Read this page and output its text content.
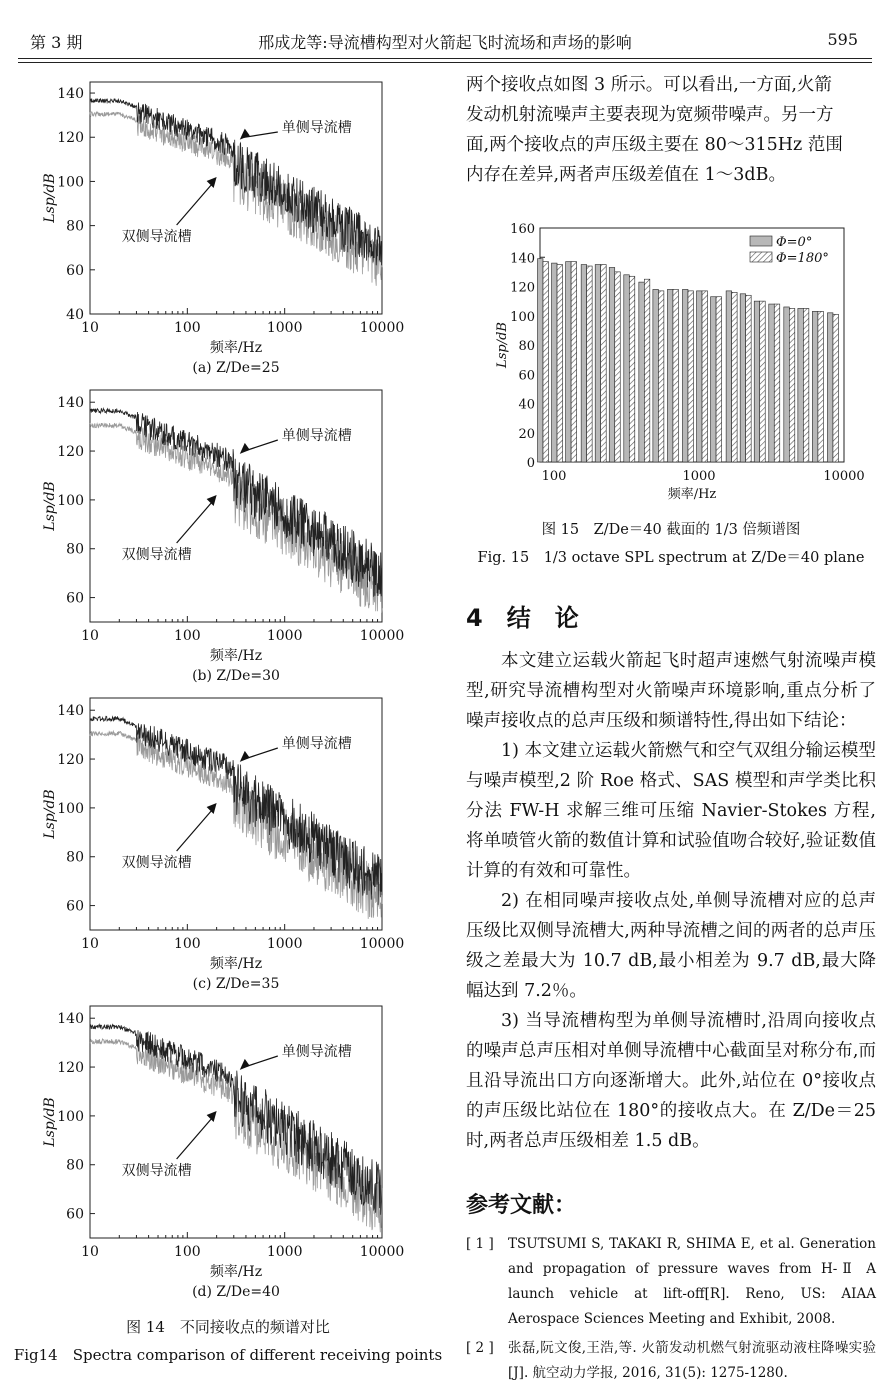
第 3 期	邢成龙等:导流槽构型对火箭起飞时流场和声场的影响	595
40
60
80
100
120
140
10	100	1000	10000
单侧导流槽
双侧导流槽
Lsp/dB
频率/Hz
(a) Z/De=25
60
80
100
120
140
10	100	1000	10000
单侧导流槽
双侧导流槽
Lsp/dB
频率/Hz
(b) Z/De=30
60
80
100
120
140
10	100	1000	10000
单侧导流槽
双侧导流槽
Lsp/dB
频率/Hz
(c) Z/De=35
60
80
100
120
140
10	100	1000	10000
单侧导流槽
双侧导流槽
Lsp/dB
频率/Hz
(d) Z/De=40
图 14　不同接收点的频谱对比
Fig14　Spectra comparison of different receiving points

两个接收点如图 3 所示。可以看出,一方面,火箭

发动机射流噪声主要表现为宽频带噪声。另一方

面,两个接收点的声压级主要在 80～315Hz 范围

内存在差异,两者声压级差值在 1～3dB。

0
20
40
60
80
100
120
140
160
100	1000	10000
Φ=0°
Φ=180°
Lsp/dB
频率/Hz
图 15　Z/De＝40 截面的 1/3 倍频谱图
Fig. 15　1/3 octave SPL spectrum at Z/De＝40 plane
4　结　论

本文建立运载火箭起飞时超声速燃气射流噪声模型,研究导流槽构型对火箭噪声环境影响,重点分析了噪声接收点的总声压级和频谱特性,得出如下结论：

1) 本文建立运载火箭燃气和空气双组分输运模型与噪声模型,2 阶 Roe 格式、SAS 模型和声学类比积分法 FW-H 求解三维可压缩 Navier-Stokes 方程,将单喷管火箭的数值计算和试验值吻合较好,验证数值计算的有效和可靠性。

2) 在相同噪声接收点处,单侧导流槽对应的总声压级比双侧导流槽大,两种导流槽之间的两者的总声压级之差最大为 10.7 dB,最小相差为 9.7 dB,最大降幅达到 7.2％。

3) 当导流槽构型为单侧导流槽时,沿周向接收点的噪声总声压相对单侧导流槽中心截面呈对称分布,而且沿导流出口方向逐渐增大。此外,站位在 0°接收点的声压级比站位在 180°的接收点大。在 Z/De＝25 时,两者总声压级相差 1.5 dB。

参考文献：
[ 1 ]	TSUTSUMI S, TAKAKI R, SHIMA E, et al. Generation and propagation of pressure waves from H-Ⅱ A launch vehicle at lift-off[R]. Reno, US: AIAA Aerospace Sciences Meeting and Exhibit, 2008.
[ 2 ]	张磊,阮文俊,王浩,等. 火箭发动机燃气射流驱动液柱降噪实验[J]. 航空动力学报, 2016, 31(5): 1275-1280.
